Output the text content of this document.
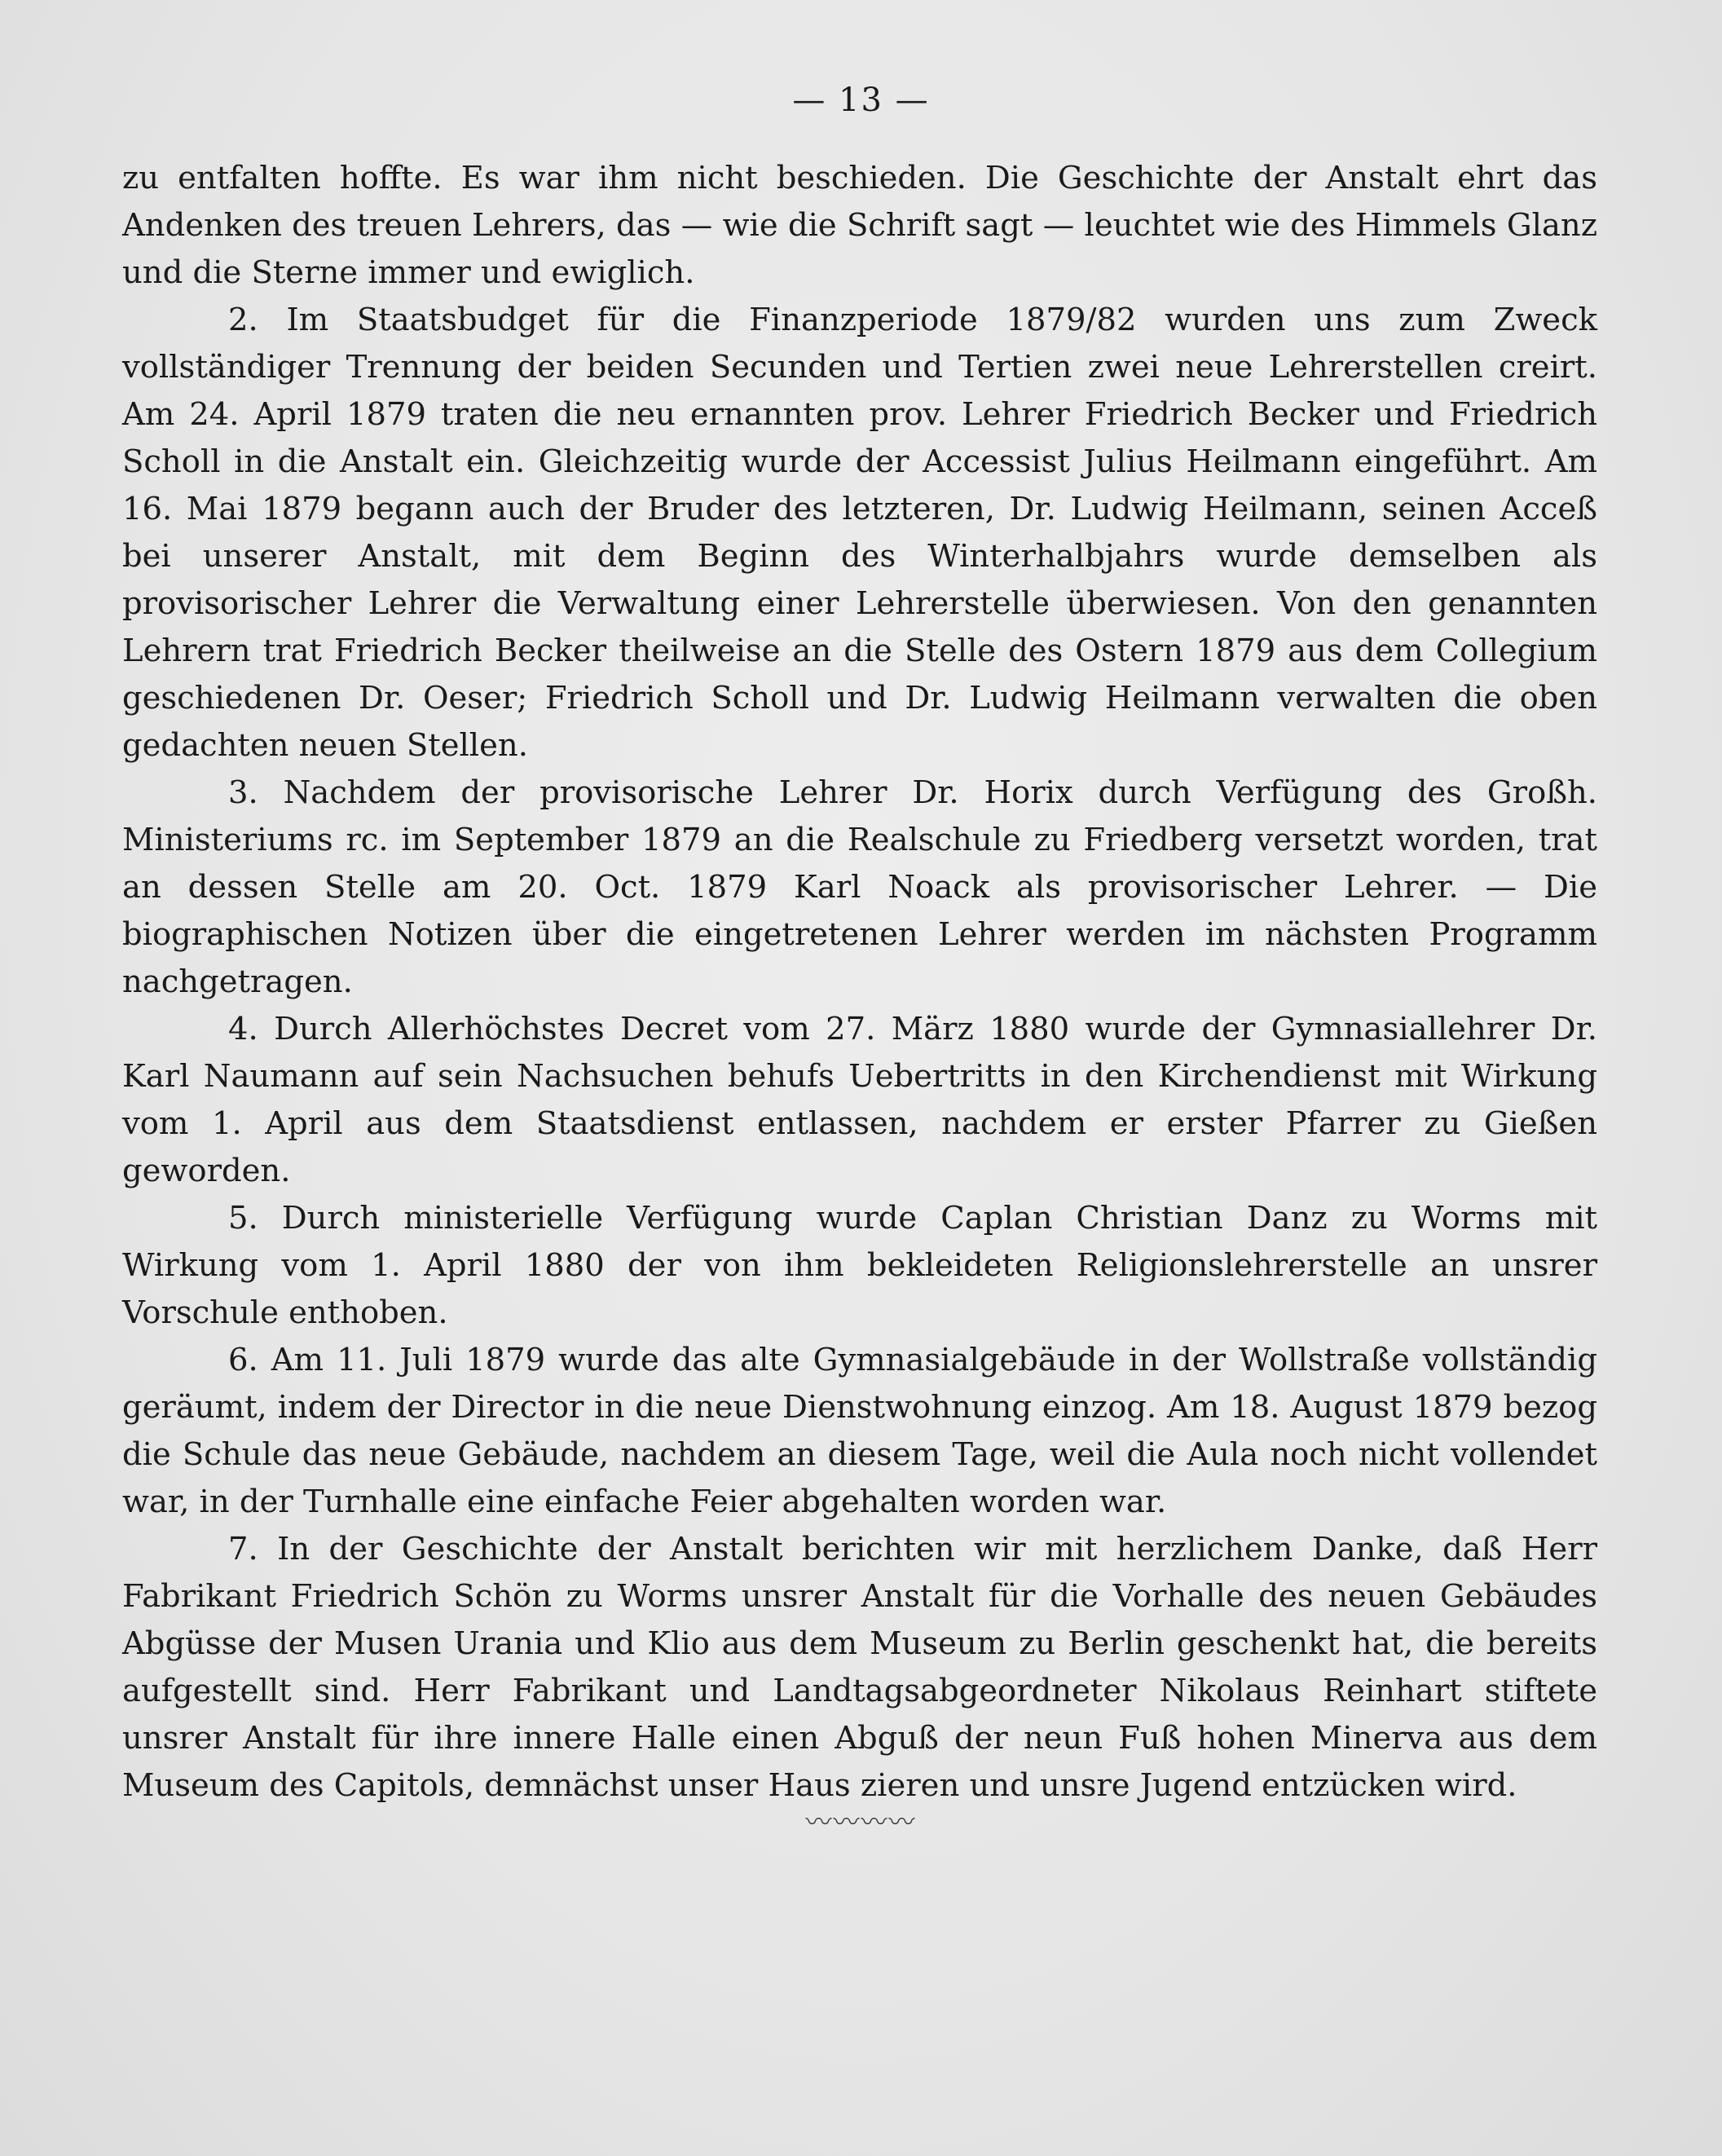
— 13 —

zu entfalten hoffte. Es war ihm nicht beschieden. Die Geschichte der Anstalt ehrt das Andenken des treuen Lehrers, das — wie die Schrift sagt — leuchtet wie des Himmels Glanz und die Sterne immer und ewiglich.

2. Im Staatsbudget für die Finanzperiode 1879/82 wurden uns zum Zweck vollständiger Trennung der beiden Secunden und Tertien zwei neue Lehrerstellen creirt. Am 24. April 1879 traten die neu ernannten prov. Lehrer Friedrich Becker und Friedrich Scholl in die Anstalt ein. Gleichzeitig wurde der Accessist Julius Heilmann eingeführt. Am 16. Mai 1879 begann auch der Bruder des letzteren, Dr. Ludwig Heilmann, seinen Acceß bei unserer Anstalt, mit dem Beginn des Winterhalbjahrs wurde demselben als provisorischer Lehrer die Verwaltung einer Lehrerstelle überwiesen. Von den genannten Lehrern trat Friedrich Becker theilweise an die Stelle des Ostern 1879 aus dem Collegium geschiedenen Dr. Oeser; Friedrich Scholl und Dr. Ludwig Heilmann verwalten die oben gedachten neuen Stellen.

3. Nachdem der provisorische Lehrer Dr. Horix durch Verfügung des Großh. Ministeriums rc. im September 1879 an die Realschule zu Friedberg versetzt worden, trat an dessen Stelle am 20. Oct. 1879 Karl Noack als provisorischer Lehrer. — Die biographischen Notizen über die eingetretenen Lehrer werden im nächsten Programm nachgetragen.

4. Durch Allerhöchstes Decret vom 27. März 1880 wurde der Gymnasiallehrer Dr. Karl Naumann auf sein Nachsuchen behufs Uebertritts in den Kirchendienst mit Wirkung vom 1. April aus dem Staatsdienst entlassen, nachdem er erster Pfarrer zu Gießen geworden.

5. Durch ministerielle Verfügung wurde Caplan Christian Danz zu Worms mit Wirkung vom 1. April 1880 der von ihm bekleideten Religionslehrerstelle an unsrer Vorschule enthoben.

6. Am 11. Juli 1879 wurde das alte Gymnasialgebäude in der Wollstraße vollständig geräumt, indem der Director in die neue Dienstwohnung einzog. Am 18. August 1879 bezog die Schule das neue Gebäude, nachdem an diesem Tage, weil die Aula noch nicht vollendet war, in der Turnhalle eine einfache Feier abgehalten worden war.

7. In der Geschichte der Anstalt berichten wir mit herzlichem Danke, daß Herr Fabrikant Friedrich Schön zu Worms unsrer Anstalt für die Vorhalle des neuen Gebäudes Abgüsse der Musen Urania und Klio aus dem Museum zu Berlin geschenkt hat, die bereits aufgestellt sind. Herr Fabrikant und Landtagsabgeordneter Nikolaus Reinhart stiftete unsrer Anstalt für ihre innere Halle einen Abguß der neun Fuß hohen Minerva aus dem Museum des Capitols, demnächst unser Haus zieren und unsre Jugend entzücken wird.

〰〰〰〰
